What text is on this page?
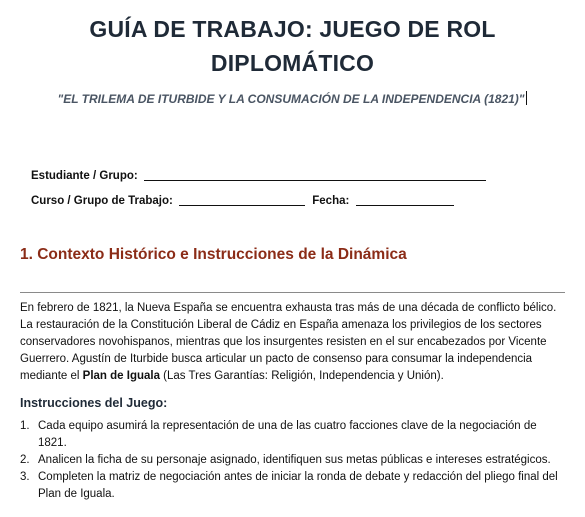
GUÍA DE TRABAJO: JUEGO DE ROL
DIPLOMÁTICO
"EL TRILEMA DE ITURBIDE Y LA CONSUMACIÓN DE LA INDEPENDENCIA (1821)"
Estudiante / Grupo:
Curso / Grupo de Trabajo:	Fecha:
1. Contexto Histórico e Instrucciones de la Dinámica
En febrero de 1821, la Nueva España se encuentra exhausta tras más de una década de conflicto bélico. La restauración de la Constitución Liberal de Cádiz en España amenaza los privilegios de los sectores conservadores novohispanos, mientras que los insurgentes resisten en el sur encabezados por Vicente Guerrero. Agustín de Iturbide busca articular un pacto de consenso para consumar la independencia mediante el Plan de Iguala (Las Tres Garantías: Religión, Independencia y Unión).
Instrucciones del Juego:
1. Cada equipo asumirá la representación de una de las cuatro facciones clave de la negociación de 1821.
2. Analicen la ficha de su personaje asignado, identifiquen sus metas públicas e intereses estratégicos.
3. Completen la matriz de negociación antes de iniciar la ronda de debate y redacción del pliego final del Plan de Iguala.
